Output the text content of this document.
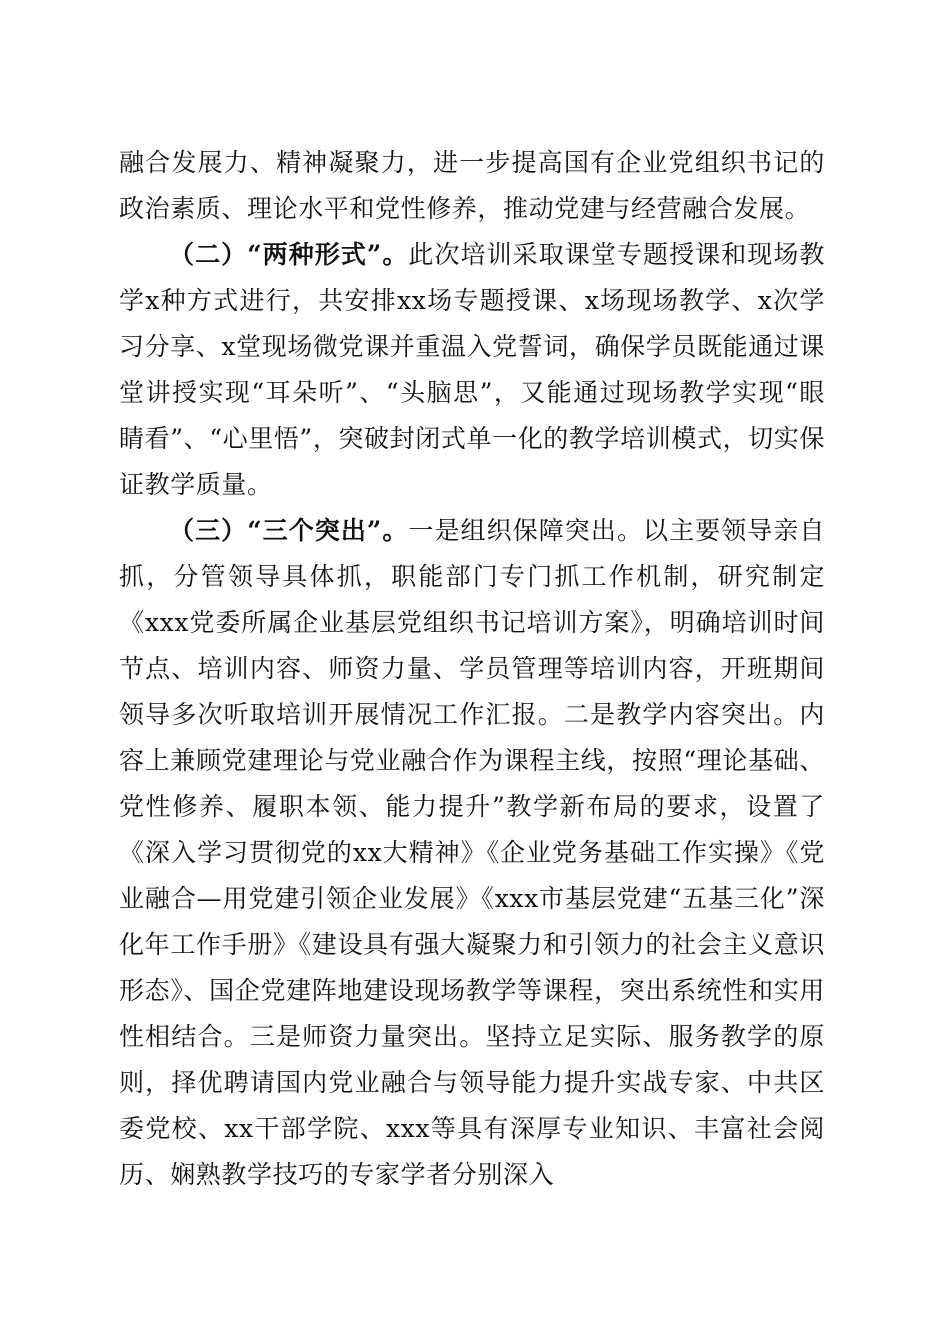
融合发展力、精神凝聚力，进一步提高国有企业党组织书记的政治素质、理论水平和党性修养，推动党建与经营融合发展。

（二）“两种形式”。此次培训采取课堂专题授课和现场教学x种方式进行，共安排xx场专题授课、x场现场教学、x次学习分享、x堂现场微党课并重温入党誓词，确保学员既能通过课堂讲授实现“耳朵听”、“头脑思”，又能通过现场教学实现“眼睛看”、“心里悟”，突破封闭式单一化的教学培训模式，切实保证教学质量。

（三）“三个突出”。一是组织保障突出。以主要领导亲自抓，分管领导具体抓，职能部门专门抓工作机制，研究制定《xxx党委所属企业基层党组织书记培训方案》，明确培训时间节点、培训内容、师资力量、学员管理等培训内容，开班期间领导多次听取培训开展情况工作汇报。二是教学内容突出。内容上兼顾党建理论与党业融合作为课程主线，按照“理论基础、党性修养、履职本领、能力提升”教学新布局的要求，设置了《深入学习贯彻党的xx大精神》《企业党务基础工作实操》《党业融合—用党建引领企业发展》《xxx市基层党建“五基三化”深化年工作手册》《建设具有强大凝聚力和引领力的社会主义意识形态》、国企党建阵地建设现场教学等课程，突出系统性和实用性相结合。三是师资力量突出。坚持立足实际、服务教学的原则，择优聘请国内党业融合与领导能力提升实战专家、中共区委党校、xx干部学院、xxx等具有深厚专业知识、丰富社会阅历、娴熟教学技巧的专家学者分别深入
